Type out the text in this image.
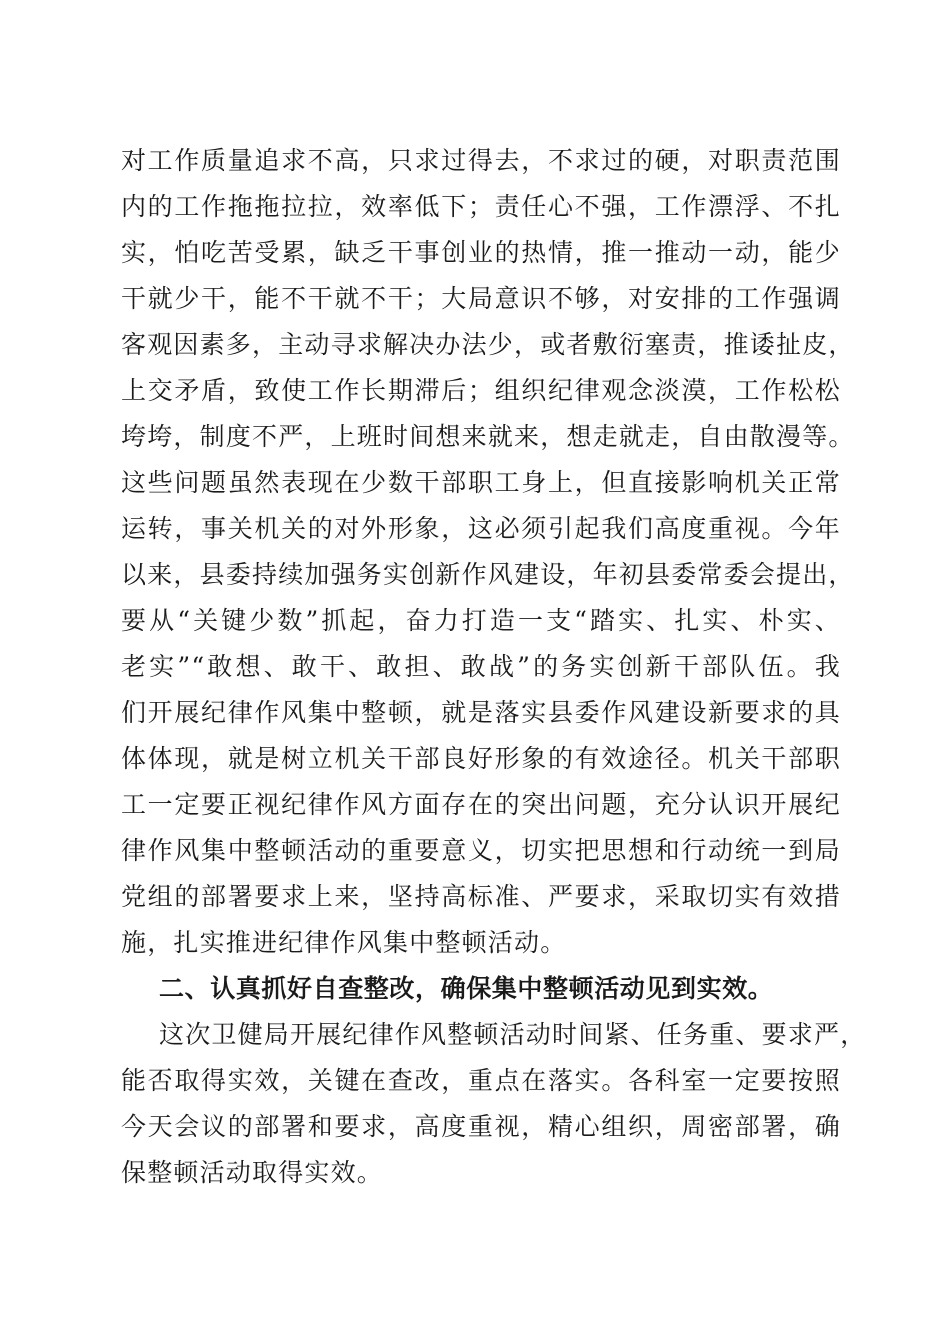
对工作质量追求不高，只求过得去，不求过的硬，对职责范围
内的工作拖拖拉拉，效率低下；责任心不强，工作漂浮、不扎
实，怕吃苦受累，缺乏干事创业的热情，推一推动一动，能少
干就少干，能不干就不干；大局意识不够，对安排的工作强调
客观因素多，主动寻求解决办法少，或者敷衍塞责，推诿扯皮，
上交矛盾，致使工作长期滞后；组织纪律观念淡漠，工作松松
垮垮，制度不严，上班时间想来就来，想走就走，自由散漫等。
这些问题虽然表现在少数干部职工身上，但直接影响机关正常
运转，事关机关的对外形象，这必须引起我们高度重视。今年
以来，县委持续加强务实创新作风建设，年初县委常委会提出，
要从“关键少数”抓起，奋力打造一支“踏实、扎实、朴实、
老实”“敢想、敢干、敢担、敢战”的务实创新干部队伍。我
们开展纪律作风集中整顿，就是落实县委作风建设新要求的具
体体现，就是树立机关干部良好形象的有效途径。机关干部职
工一定要正视纪律作风方面存在的突出问题，充分认识开展纪
律作风集中整顿活动的重要意义，切实把思想和行动统一到局
党组的部署要求上来，坚持高标准、严要求，采取切实有效措
施，扎实推进纪律作风集中整顿活动。
二、认真抓好自查整改，确保集中整顿活动见到实效。
这次卫健局开展纪律作风整顿活动时间紧、任务重、要求严，
能否取得实效，关键在查改，重点在落实。各科室一定要按照
今天会议的部署和要求，高度重视，精心组织，周密部署，确
保整顿活动取得实效。
